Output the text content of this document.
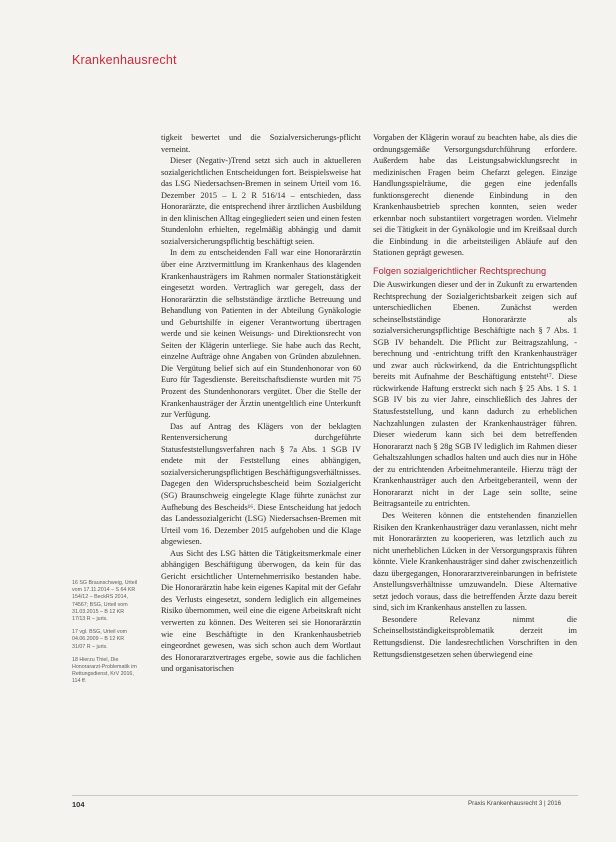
Krankenhausrecht

tigkeit bewertet und die Sozialversicherungs-pflicht verneint.

Dieser (Negativ-)Trend setzt sich auch in aktuelleren sozialgerichtlichen Entscheidungen fort. Beispielsweise hat das LSG Niedersachsen-Bremen in seinem Urteil vom 16. Dezember 2015 – L 2 R 516/14 – entschieden, dass Honorarärzte, die entsprechend ihrer ärztlichen Ausbildung in den klinischen Alltag eingegliedert seien und einen festen Stundenlohn erhielten, regelmäßig abhängig und damit sozialversicherungspflichtig beschäftigt seien.

In dem zu entscheidenden Fall war eine Honorarärztin über eine Arztvermittlung im Krankenhaus des klagenden Krankenhausträgers im Rahmen normaler Stationstätigkeit eingesetzt worden. Vertraglich war geregelt, dass der Honorarärztin die selbstständige ärztliche Betreuung und Behandlung von Patienten in der Abteilung Gynäkologie und Geburtshilfe in eigener Verantwortung übertragen werde und sie keinen Weisungs- und Direktionsrecht von Seiten der Klägerin unterliege. Sie habe auch das Recht, einzelne Aufträge ohne Angaben von Gründen abzulehnen. Die Vergütung belief sich auf ein Stundenhonorar von 60 Euro für Tagesdienste. Bereitschaftsdienste wurden mit 75 Prozent des Stundenhonorars vergütet. Über die Stelle der Krankenhausträger der Ärztin unentgeltlich eine Unterkunft zur Verfügung.

Das auf Antrag des Klägers von der beklagten Rentenversicherung durchgeführte Statusfeststellungsverfahren nach § 7a Abs. 1 SGB IV endete mit der Feststellung eines abhängigen, sozialversicherungspflichtigen Beschäftigungsverhältnisses. Dagegen den Widerspruchsbescheid beim Sozialgericht (SG) Braunschweig eingelegte Klage führte zunächst zur Aufhebung des Bescheids¹⁶. Diese Entscheidung hat jedoch das Landessozialgericht (LSG) Niedersachsen-Bremen mit Urteil vom 16. Dezember 2015 aufgehoben und die Klage abgewiesen.

Aus Sicht des LSG hätten die Tätigkeitsmerkmale einer abhängigen Beschäftigung überwogen, da kein für das Gericht ersichtlicher Unternehmerrisiko bestanden habe. Die Honorarärztin habe kein eigenes Kapital mit der Gefahr des Verlusts eingesetzt, sondern lediglich ein allgemeines Risiko übernommen, weil eine die eigene Arbeitskraft nicht verwerten zu können. Des Weiteren sei sie Honorarärztin wie eine Beschäftigte in den Krankenhausbetrieb eingeordnet gewesen, was sich schon auch dem Wortlaut des Honorararztvertrages ergebe, sowie aus die fachlichen und organisatorischen

Vorgaben der Klägerin worauf zu beachten habe, als dies die ordnungsgemäße Versorgungsdurchführung erfordere. Außerdem habe das Leistungsabwicklungsrecht in medizinischen Fragen beim Chefarzt gelegen. Einzige Handlungsspielräume, die gegen eine jedenfalls funktionsgerecht dienende Einbindung in den Krankenhausbetrieb sprechen konnten, seien weder erkennbar noch substantiiert vorgetragen worden. Vielmehr sei die Tätigkeit in der Gynäkologie und im Kreißsaal durch die Einbindung in die arbeitsteiligen Abläufe auf den Stationen geprägt gewesen.

Folgen sozialgerichtlicher Rechtsprechung

Die Auswirkungen dieser und der in Zukunft zu erwartenden Rechtsprechung der Sozialgerichtsbarkeit zeigen sich auf unterschiedlichen Ebenen. Zunächst werden scheinselbstständige Honorarärzte als sozialversicherungspflichtige Beschäftigte nach § 7 Abs. 1 SGB IV behandelt. Die Pflicht zur Beitragszahlung, -berechnung und -entrichtung trifft den Krankenhausträger und zwar auch rückwirkend, da die Entrichtungspflicht bereits mit Aufnahme der Beschäftigung entsteht¹⁷. Diese rückwirkende Haftung erstreckt sich nach § 25 Abs. 1 S. 1 SGB IV bis zu vier Jahre, einschließlich des Jahres der Statusfeststellung, und kann dadurch zu erheblichen Nachzahlungen zulasten der Krankenhausträger führen. Dieser wiederum kann sich bei dem betreffenden Honorararzt nach § 28g SGB IV lediglich im Rahmen dieser Gehaltszahlungen schadlos halten und auch dies nur in Höhe der zu entrichtenden Arbeitnehmeranteile. Hierzu trägt der Krankenhausträger auch den Arbeitgeberanteil, wenn der Honorararzt nicht in der Lage sein sollte, seine Beitragsanteile zu entrichten.

Des Weiteren können die entstehenden finanziellen Risiken den Krankenhausträger dazu veranlassen, nicht mehr mit Honorarärzten zu kooperieren, was letztlich auch zu nicht unerheblichen Lücken in der Versorgungspraxis führen könnte. Viele Krankenhausträger sind daher zwischenzeitlich dazu übergegangen, Honorararztvereinbarungen in befristete Anstellungsverhältnisse umzuwandeln. Diese Alternative setzt jedoch voraus, dass die betreffenden Ärzte dazu bereit sind, sich im Krankenhaus anstellen zu lassen.

Besondere Relevanz nimmt die Scheinselbstständigkeitsproblematik derzeit im Rettungsdienst. Die landesrechtlichen Vorschriften in den Rettungsdienstgesetzen sehen überwiegend eine

16 SG Braunschweig, Urteil vom 17.11.2014 – S 64 KR 154/12 – BeckRS 2014, 74567; BSG, Urteil vom 31.03.2015 – B 12 KR 17/13 R – juris.

17 vgl. BSG, Urteil vom 04.06.2009 – B 12 KR 31/07 R – juris.

18 Hierzu Thiel, Die Honorararzt-Problematik im Rettungsdienst, KrV 2016, 114 ff.

104	Praxis Krankenhausrecht 3 | 2016
